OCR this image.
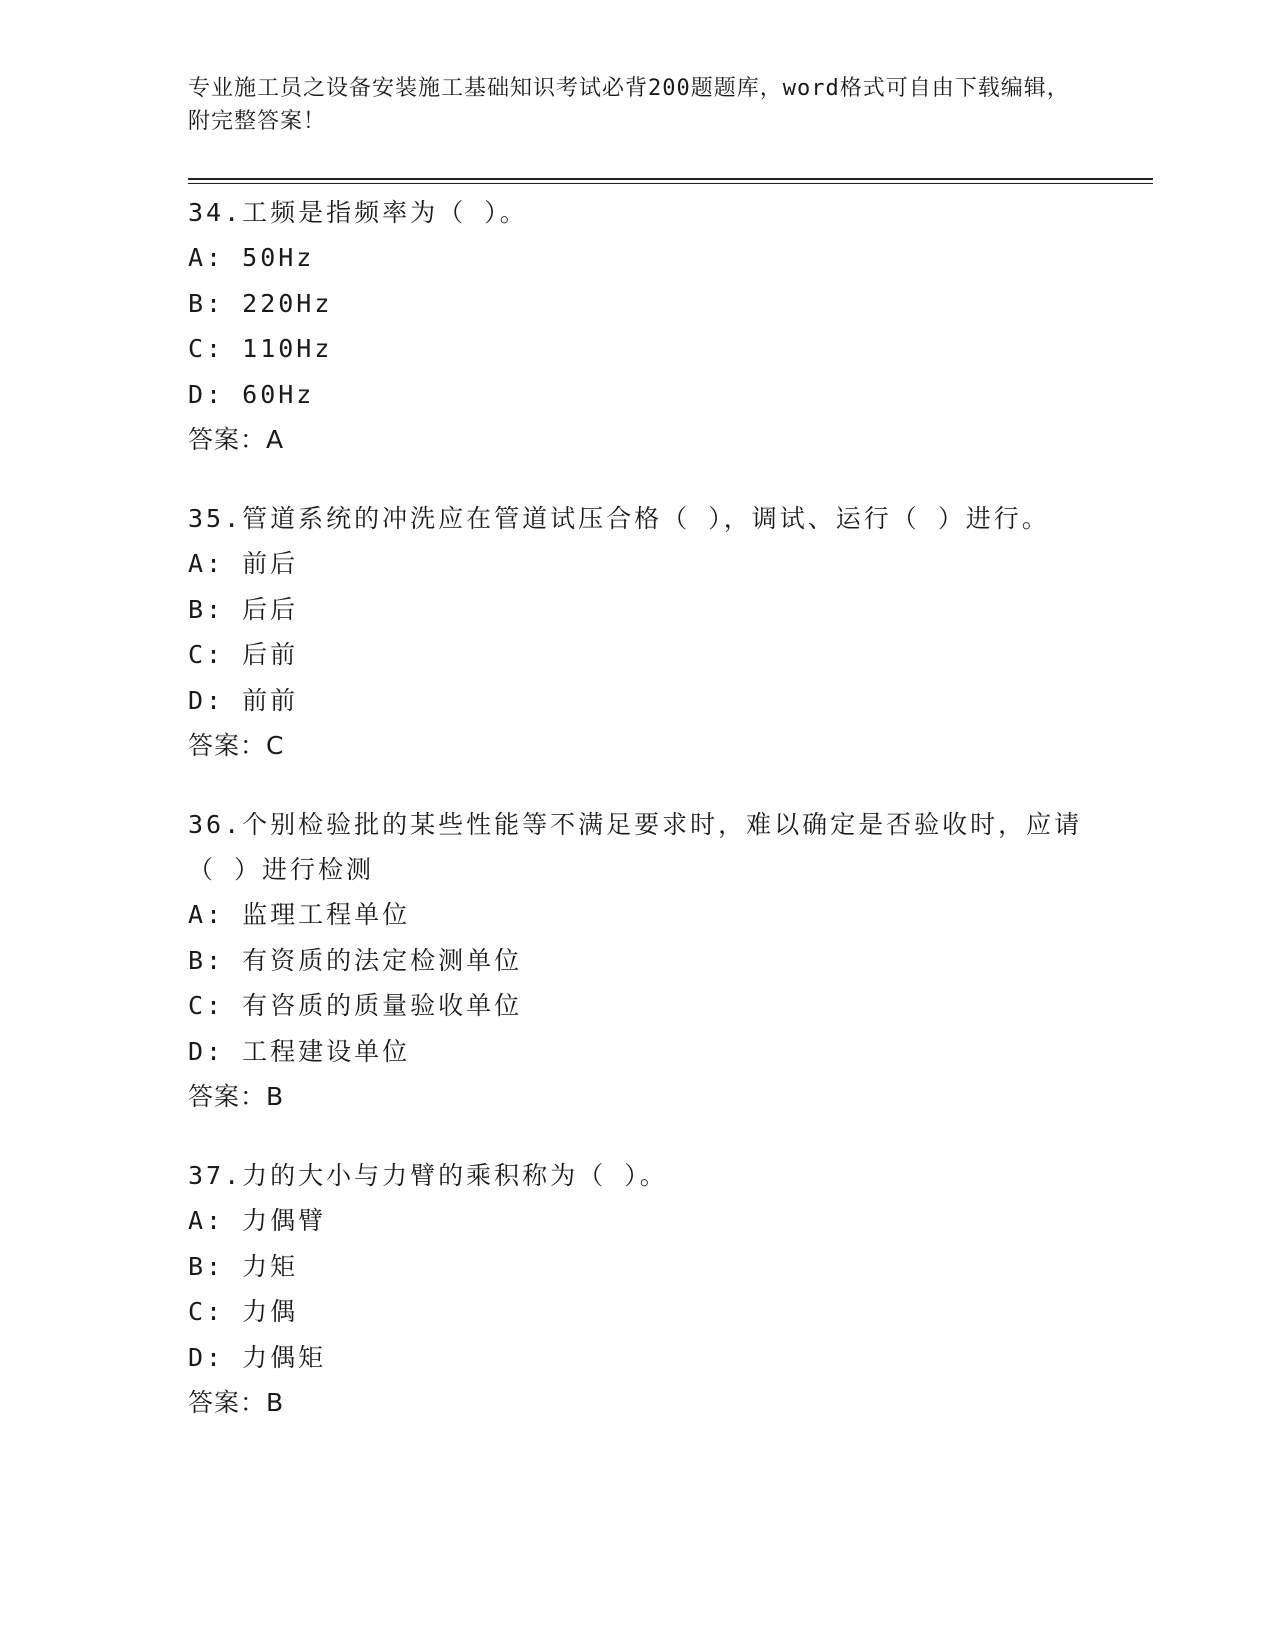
专业施工员之设备安装施工基础知识考试必背200题题库，word格式可自由下载编辑，附完整答案！
34.工频是指频率为（ ）。
A: 50Hz
B: 220Hz
C: 110Hz
D: 60Hz
答案：A
35.管道系统的冲洗应在管道试压合格（ ），调试、运行（ ）进行。
A: 前后
B: 后后
C: 后前
D: 前前
答案：C
36.个别检验批的某些性能等不满足要求时，难以确定是否验收时，应请（ ）进行检测
A: 监理工程单位
B: 有资质的法定检测单位
C: 有咨质的质量验收单位
D: 工程建设单位
答案：B
37.力的大小与力臂的乘积称为（ ）。
A: 力偶臂
B: 力矩
C: 力偶
D: 力偶矩
答案：B
